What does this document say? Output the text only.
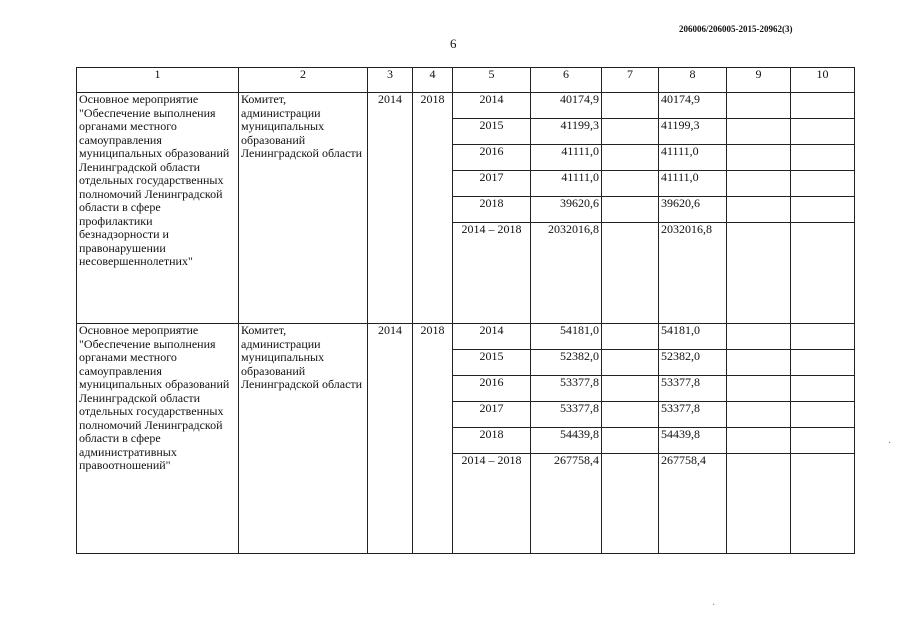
206006/206005-2015-20962(3)
6
1	2	3	4	5	6	7	8	9	10
Основное мероприятие "Обеспечение выполнения органами местного самоуправления муниципальных образований Ленинградской области отдельных государственных полномочий Ленинградской области в сфере профилактики безнадзорности и правонарушении несовершеннолетних"	Комитет, администрации муниципальных образований Ленинградской области	2014	2018	2014	40174,9		40174,9		
				2015	41199,3		41199,3		
				2016	41111,0		41111,0		
				2017	41111,0		41111,0		
				2018	39620,6		39620,6		
				2014 – 2018	2032016,8		2032016,8		
Основное мероприятие "Обеспечение выполнения органами местного самоуправления муниципальных образований Ленинградской области отдельных государственных полномочий Ленинградской области в сфере административных правоотношений"	Комитет, администрации муниципальных образований Ленинградской области	2014	2018	2014	54181,0		54181,0		
				2015	52382,0		52382,0		
				2016	53377,8		53377,8		
				2017	53377,8		53377,8		
				2018	54439,8		54439,8		
				2014 – 2018	267758,4		267758,4		
·
·
